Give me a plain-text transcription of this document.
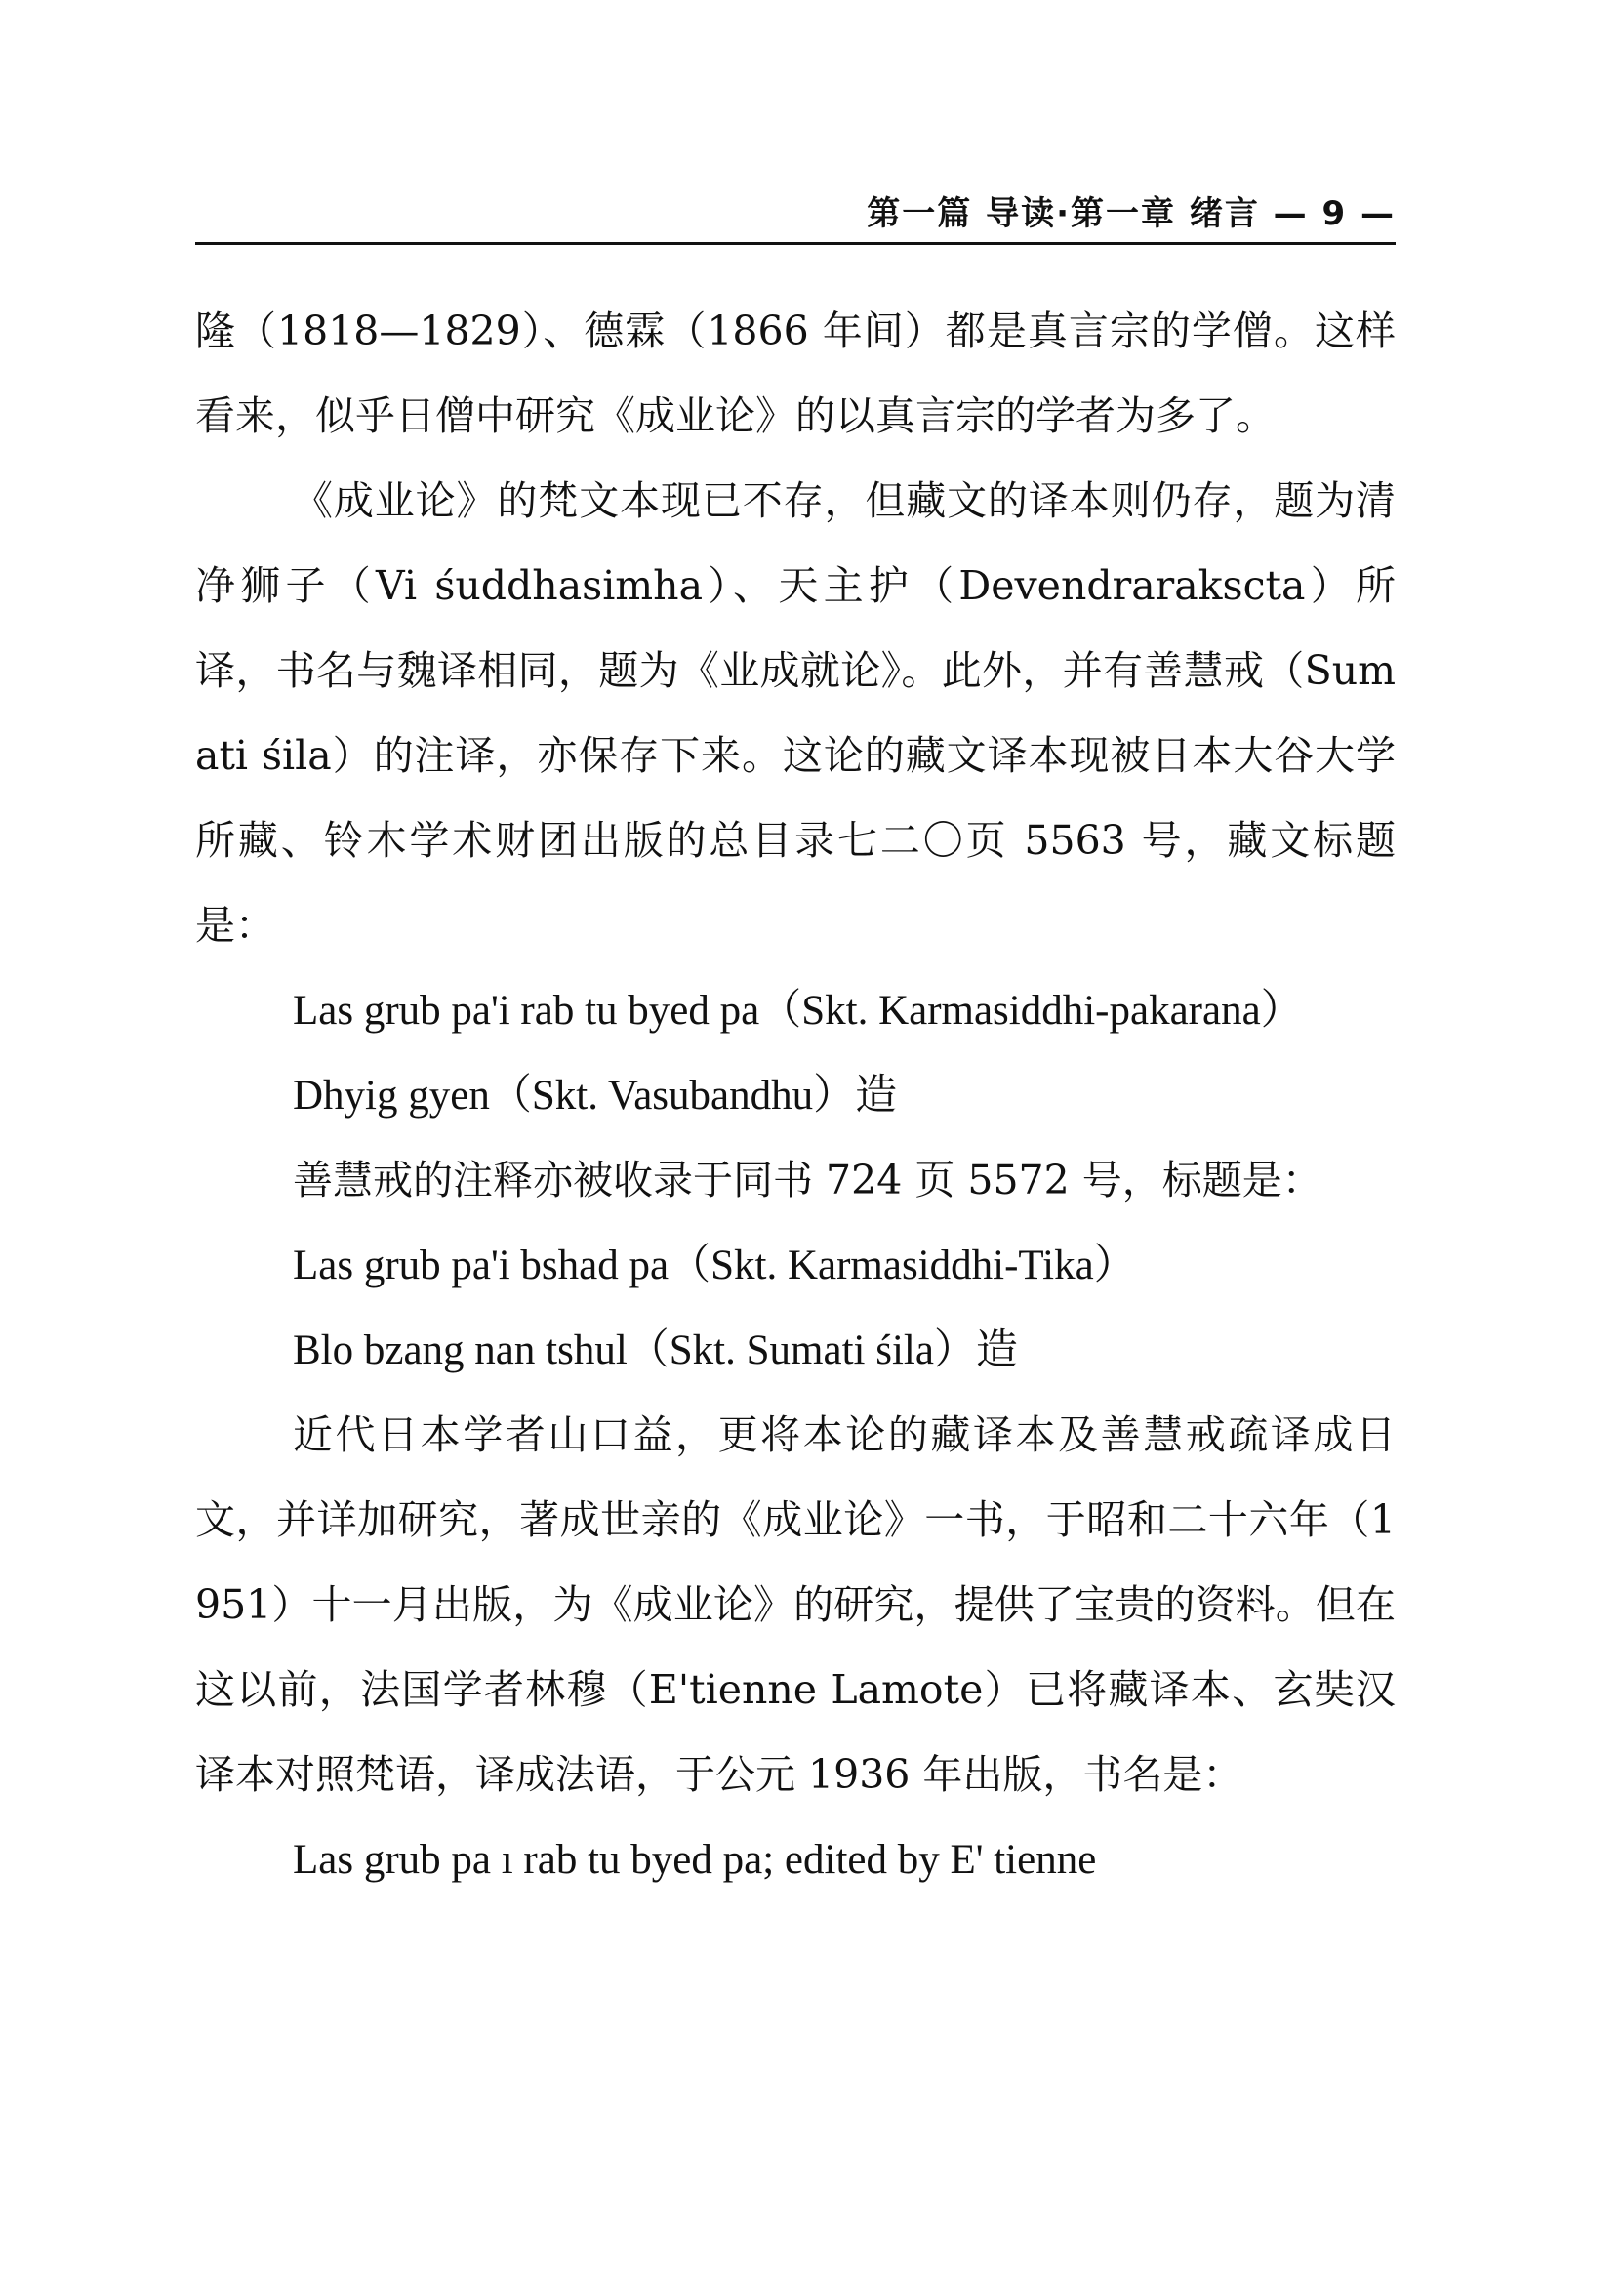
第一篇 导读·第一章 绪言 — 9 —

隆（1818—1829）、德霖（1866 年间）都是真言宗的学僧。这样看来，似乎日僧中研究《成业论》的以真言宗的学者为多了。

《成业论》的梵文本现已不存，但藏文的译本则仍存，题为清净狮子（Vi śuddhasimha）、天主护（Devendrarakscta）所译，书名与魏译相同，题为《业成就论》。此外，并有善慧戒（Sumati śila）的注译，亦保存下来。这论的藏文译本现被日本大谷大学所藏、铃木学术财团出版的总目录七二〇页 5563 号，藏文标题是：

Las grub pa'i rab tu byed pa（Skt. Karmasiddhi-pakarana）

Dhyig gyen（Skt. Vasubandhu）造

善慧戒的注释亦被收录于同书 724 页 5572 号，标题是：

Las grub pa'i bshad pa（Skt. Karmasiddhi-Tika）

Blo bzang nan tshul（Skt. Sumati śila）造

近代日本学者山口益，更将本论的藏译本及善慧戒疏译成日文，并详加研究，著成世亲的《成业论》一书，于昭和二十六年（1951）十一月出版，为《成业论》的研究，提供了宝贵的资料。但在这以前，法国学者林穆（E'tienne Lamote）已将藏译本、玄奘汉译本对照梵语，译成法语，于公元 1936 年出版，书名是：

Las grub pa ı rab tu byed pa; edited by E' tienne
